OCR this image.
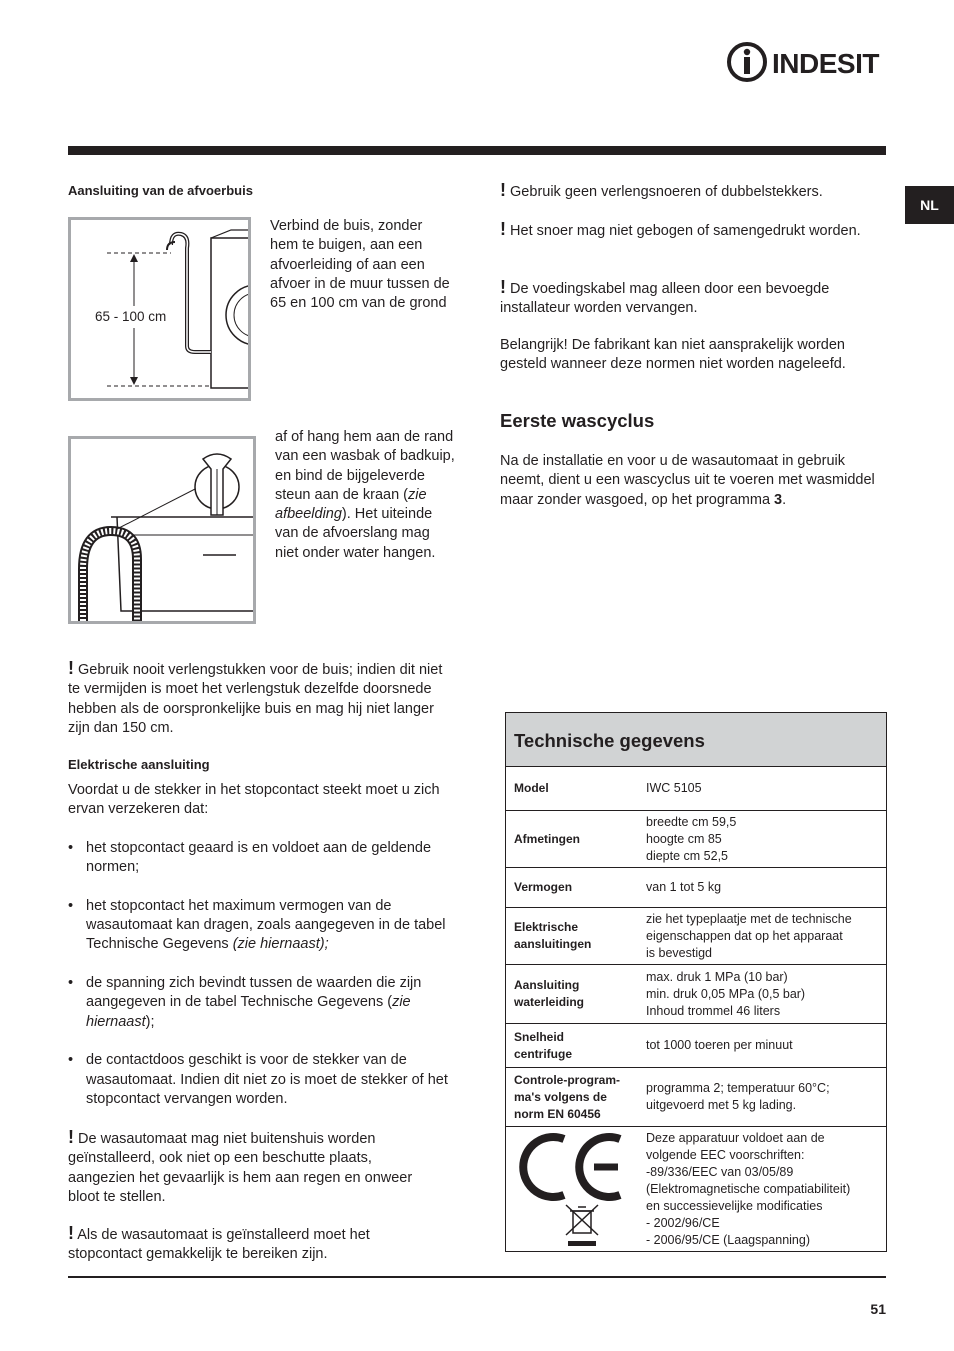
INDESIT
NL
Aansluiting van de afvoerbuis
65 - 100 cm

Verbind de buis, zonder hem te buigen, aan een afvoerleiding of aan een afvoer in de muur tussen de 65 en 100 cm van de grond

af of hang hem aan de rand van een wasbak of badkuip, en bind de bijgeleverde steun aan de kraan (zie afbeelding). Het uiteinde van de afvoerslang mag niet onder water hangen.

! Gebruik nooit verlengstukken voor de buis; indien dit niet te vermijden is moet het verlengstuk dezelfde doorsnede hebben als de oorspronkelijke buis en mag hij niet langer zijn dan 150 cm.

Elektrische aansluiting

Voordat u de stekker in het stopcontact steekt moet u zich ervan verzekeren dat:

• het stopcontact geaard is en voldoet aan de geldende normen;
• het stopcontact het maximum vermogen van de wasautomaat kan dragen, zoals aangegeven in de tabel Technische Gegevens (zie hiernaast);
• de spanning zich bevindt tussen de waarden die zijn aangegeven in de tabel Technische Gegevens (zie hiernaast);
• de contactdoos geschikt is voor de stekker van de wasautomaat. Indien dit niet zo is moet de stekker of het stopcontact vervangen worden.

! De wasautomaat mag niet buitenshuis worden geïnstalleerd, ook niet op een beschutte plaats, aangezien het gevaarlijk is hem aan regen en onweer bloot te stellen.

! Als de wasautomaat is geïnstalleerd moet het stopcontact gemakkelijk te bereiken zijn.

! Gebruik geen verlengsnoeren of dubbelstekkers.

! Het snoer mag niet gebogen of samengedrukt worden.

! De voedingskabel mag alleen door een bevoegde installateur worden vervangen.

Belangrijk! De fabrikant kan niet aansprakelijk worden gesteld wanneer deze normen niet worden nageleefd.

Eerste wascyclus

Na de installatie en voor u de wasautomaat in gebruik neemt, dient u een wascyclus uit te voeren met wasmiddel maar zonder wasgoed, op het programma 3.

Technische gegevens
Model	IWC 5105
Afmetingen
breedte cm 59,5
hoogte cm 85
diepte cm 52,5
Vermogen	van 1 tot 5 kg
Elektrische
aansluitingen
zie het typeplaatje met de technische
eigenschappen dat op het apparaat
is bevestigd
Aansluiting
waterleiding
max. druk 1 MPa (10 bar)
min. druk 0,05 MPa (0,5 bar)
Inhoud trommel 46 liters
Snelheid
centrifuge
tot 1000 toeren per minuut
Controle-program-
ma's volgens de
norm EN 60456
programma 2; temperatuur 60°C;
uitgevoerd met 5 kg lading.
Deze apparatuur voldoet aan de
volgende EEC voorschriften:
-89/336/EEC van 03/05/89
(Elektromagnetische compatiabiliteit)
en successievelijke modificaties
- 2002/96/CE
- 2006/95/CE (Laagspanning)
51
